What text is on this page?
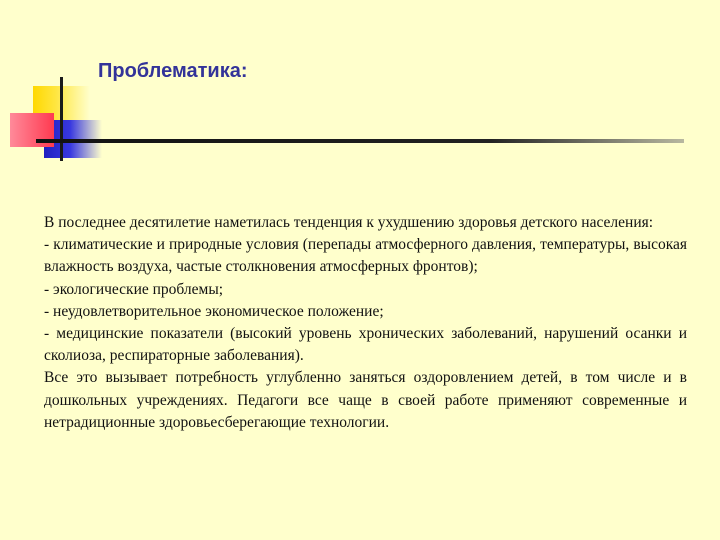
Проблематика:

В последнее десятилетие наметилась тенденция к ухудшению здоровья детского населения:

- климатические и природные условия (перепады атмосферного давления, температуры, высокая влажность воздуха, частые столкновения атмосферных фронтов);

- экологические проблемы;

- неудовлетворительное экономическое положение;

- медицинские показатели (высокий уровень хронических заболеваний, нарушений осанки и сколиоза, респираторные заболевания).

Все это вызывает потребность углубленно заняться оздоровлением детей, в том числе и в дошкольных учреждениях. Педагоги все чаще в своей работе применяют современные и нетрадиционные здоровьесберегающие технологии.
